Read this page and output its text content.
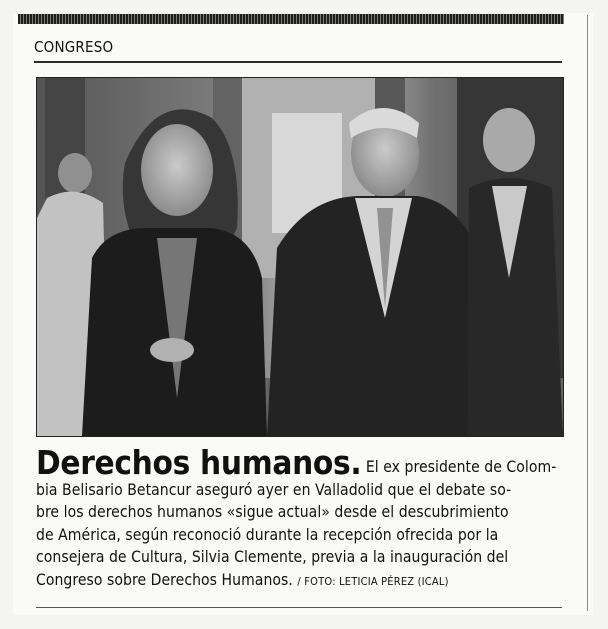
CONGRESO
Derechos humanos. El ex presidente de Colom-
bia Belisario Betancur aseguró ayer en Valladolid que el debate so-
bre los derechos humanos «sigue actual» desde el descubrimiento
de América, según reconoció durante la recepción ofrecida por la
consejera de Cultura, Silvia Clemente, previa a la inauguración del
Congreso sobre Derechos Humanos. / FOTO: LETICIA PÉREZ (ICAL)
